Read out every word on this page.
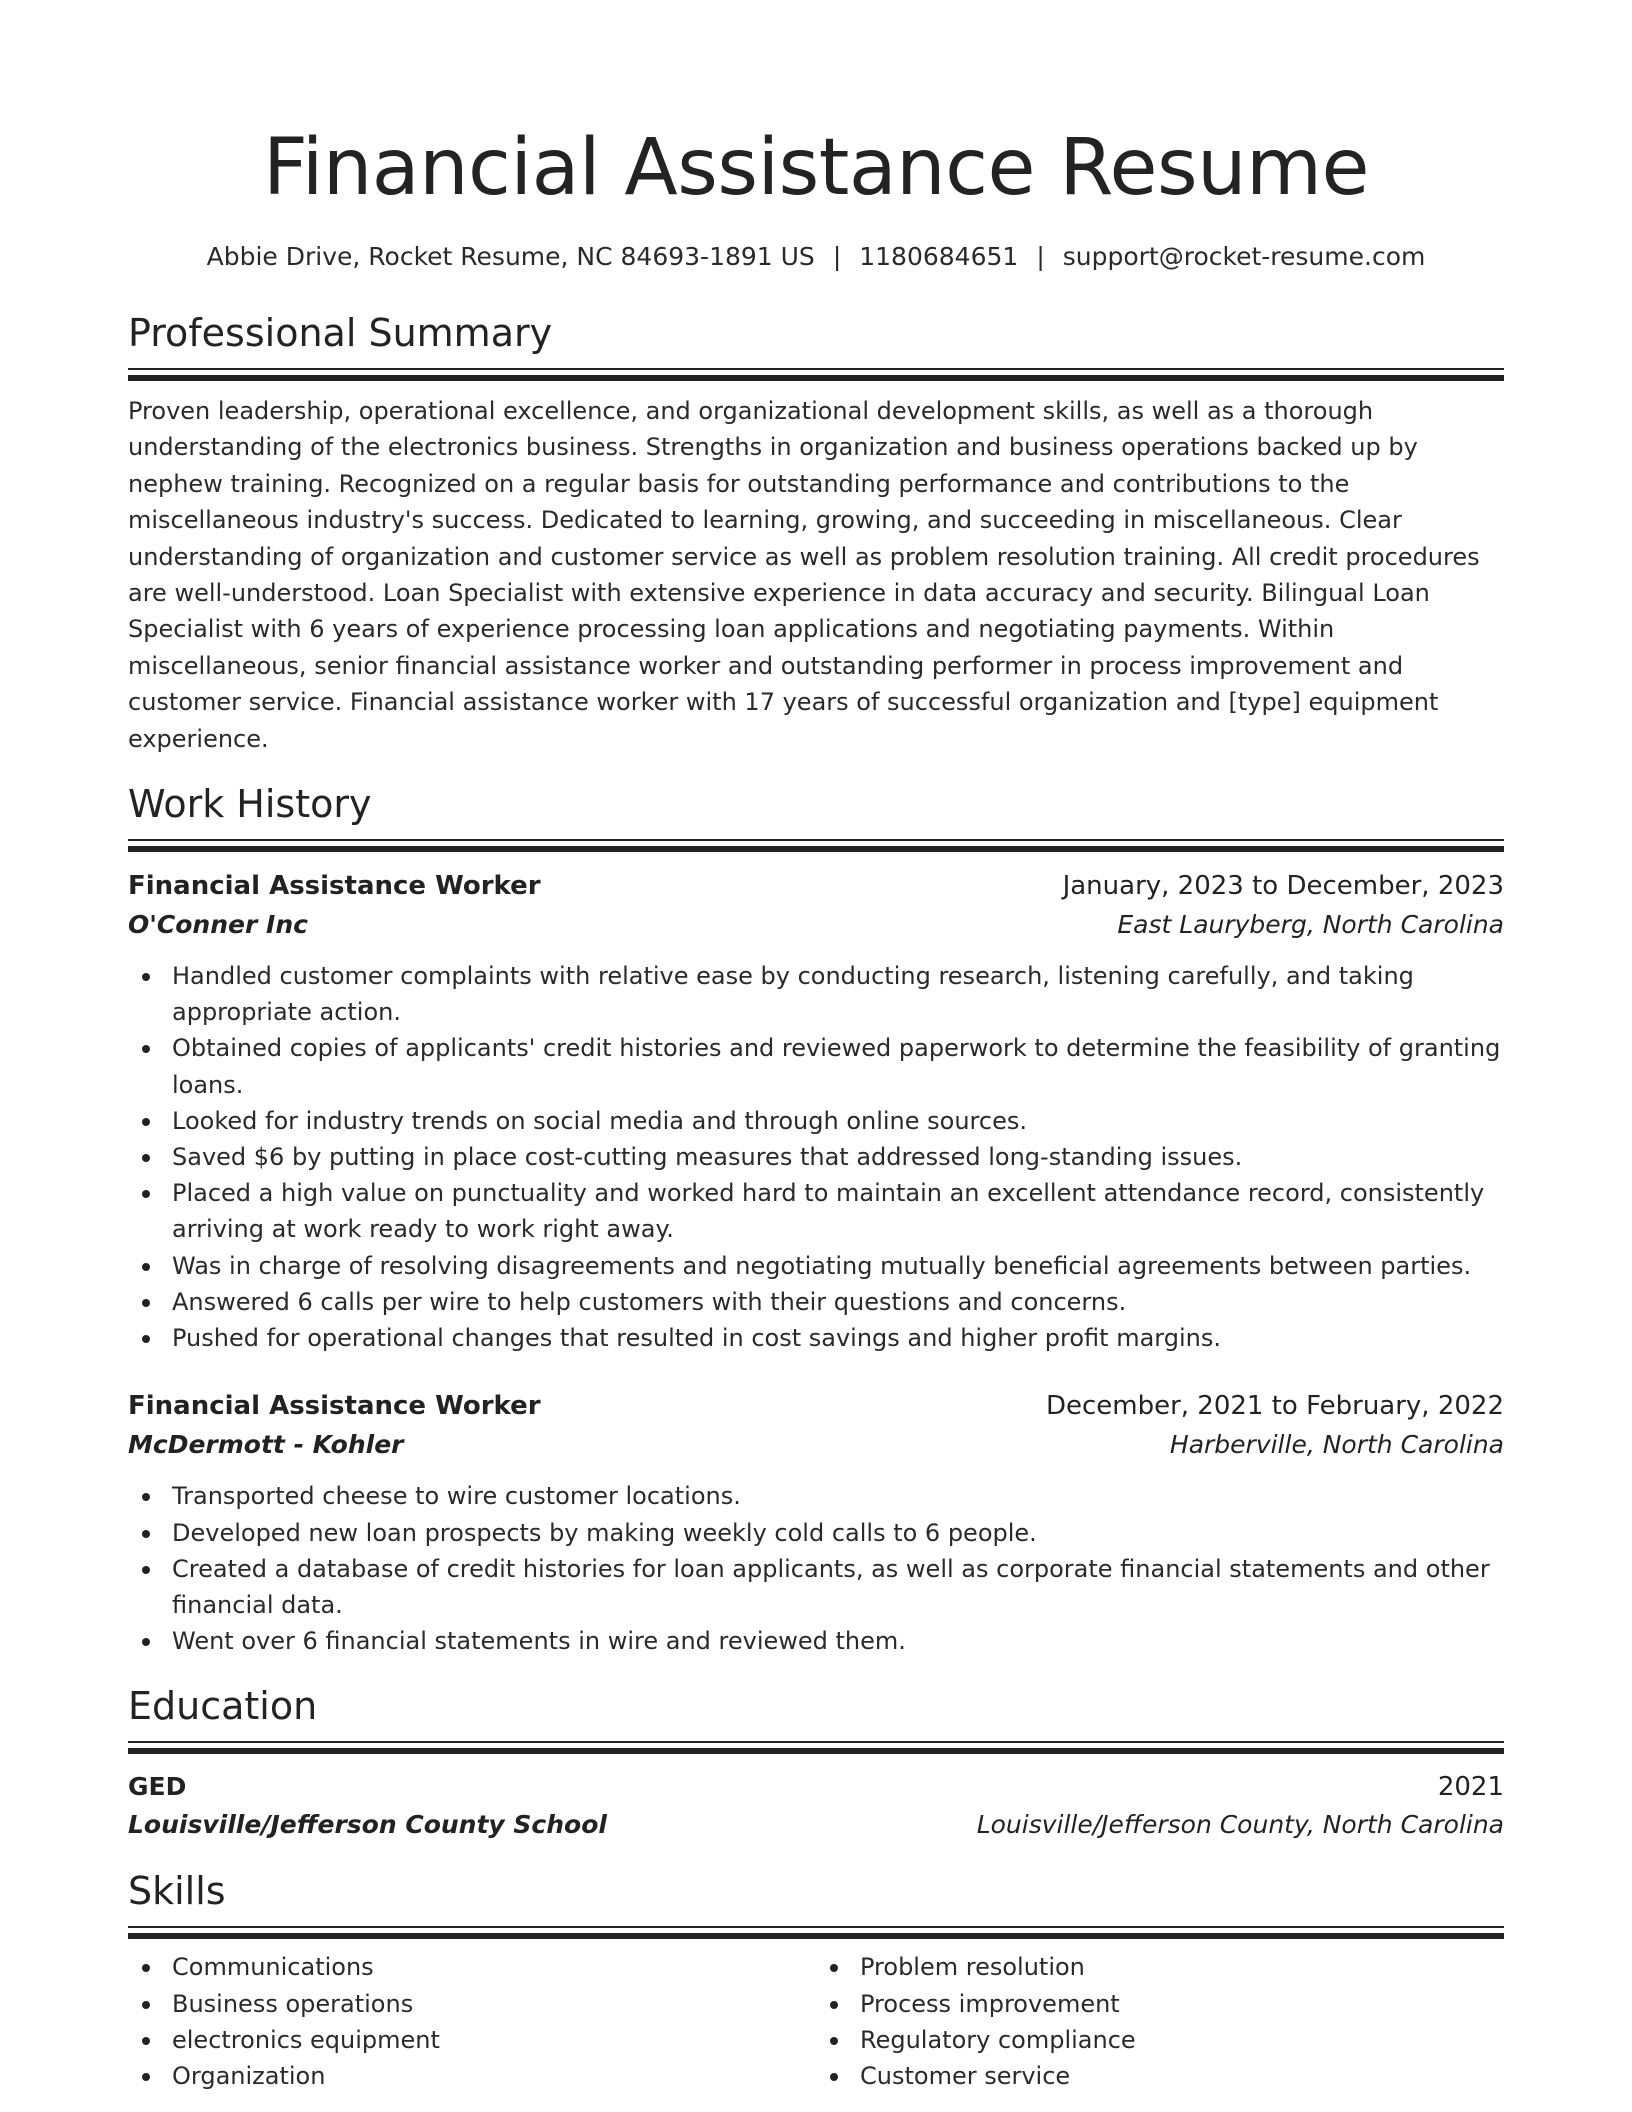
Financial Assistance Resume
Abbie Drive, Rocket Resume, NC 84693-1891 US | 1180684651 | support@rocket-resume.com
Professional Summary

Proven leadership, operational excellence, and organizational development skills, as well as a thorough understanding of the electronics business. Strengths in organization and business operations backed up by nephew training. Recognized on a regular basis for outstanding performance and contributions to the miscellaneous industry's success. Dedicated to learning, growing, and succeeding in miscellaneous. Clear understanding of organization and customer service as well as problem resolution training. All credit procedures are well-understood. Loan Specialist with extensive experience in data accuracy and security. Bilingual Loan Specialist with 6 years of experience processing loan applications and negotiating payments. Within miscellaneous, senior financial assistance worker and outstanding performer in process improvement and customer service. Financial assistance worker with 17 years of successful organization and [type] equipment experience.

Work History
Financial Assistance Worker	January, 2023 to December, 2023
O'Conner Inc	East Lauryberg, North Carolina
Handled customer complaints with relative ease by conducting research, listening carefully, and taking appropriate action.
Obtained copies of applicants' credit histories and reviewed paperwork to determine the feasibility of granting loans.
Looked for industry trends on social media and through online sources.
Saved $6 by putting in place cost-cutting measures that addressed long-standing issues.
Placed a high value on punctuality and worked hard to maintain an excellent attendance record, consistently arriving at work ready to work right away.
Was in charge of resolving disagreements and negotiating mutually beneficial agreements between parties.
Answered 6 calls per wire to help customers with their questions and concerns.
Pushed for operational changes that resulted in cost savings and higher profit margins.
Financial Assistance Worker	December, 2021 to February, 2022
McDermott - Kohler	Harberville, North Carolina
Transported cheese to wire customer locations.
Developed new loan prospects by making weekly cold calls to 6 people.
Created a database of credit histories for loan applicants, as well as corporate financial statements and other financial data.
Went over 6 financial statements in wire and reviewed them.
Education
GED	2021
Louisville/Jefferson County School	Louisville/Jefferson County, North Carolina
Skills
Communications
Business operations
electronics equipment
Organization
Problem resolution
Process improvement
Regulatory compliance
Customer service
